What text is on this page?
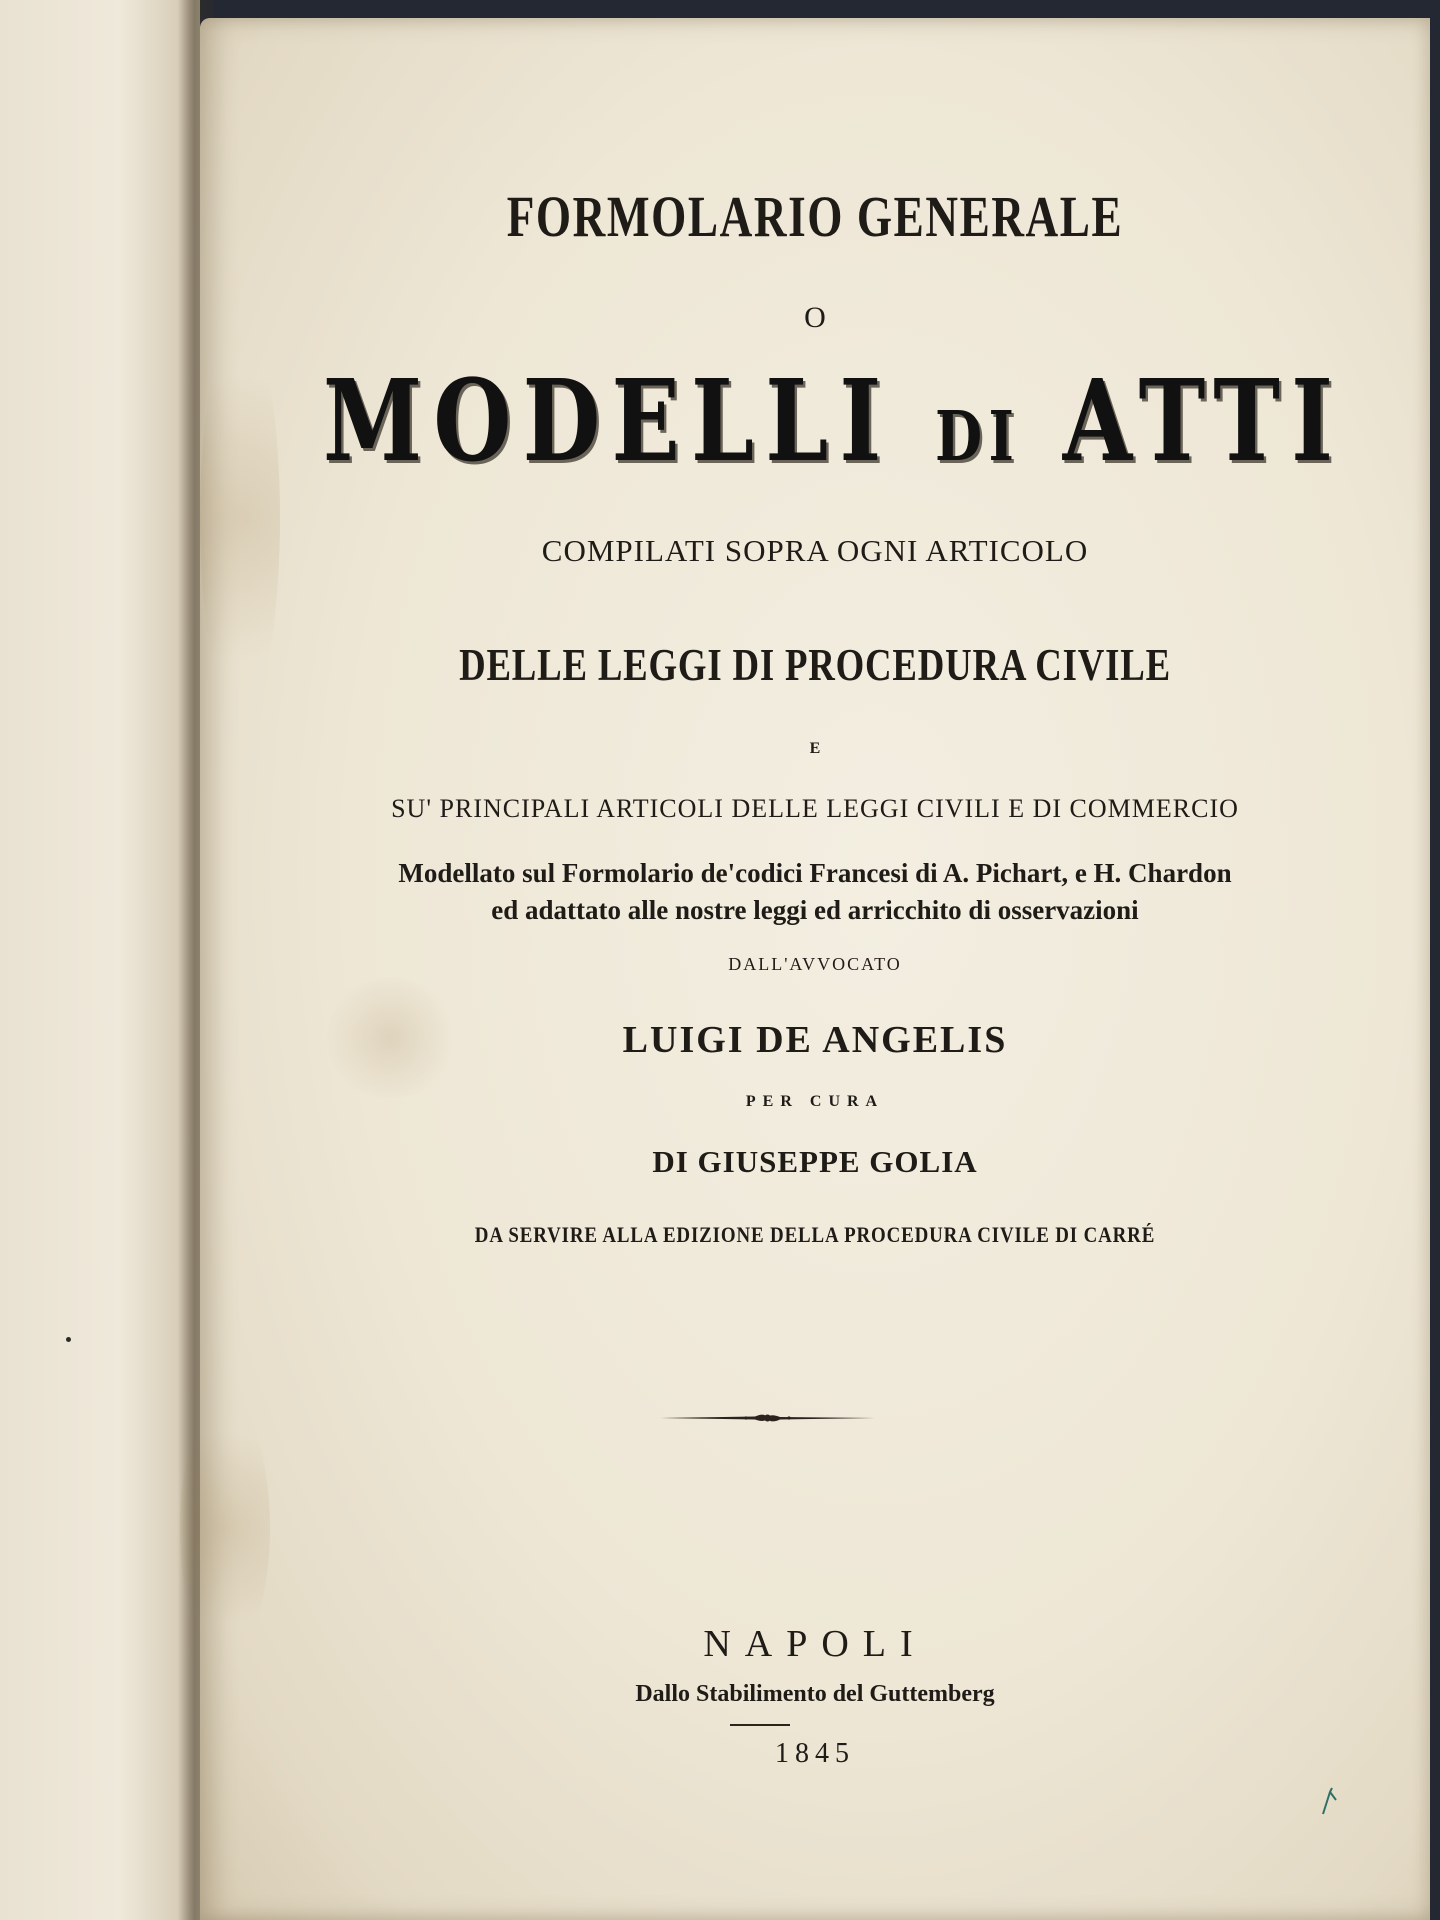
FORMOLARIO GENERALE
O
MODELLI DI ATTI
COMPILATI SOPRA OGNI ARTICOLO
DELLE LEGGI DI PROCEDURA CIVILE
E
SU' PRINCIPALI ARTICOLI DELLE LEGGI CIVILI E DI COMMERCIO
Modellato sul Formolario de'codici Francesi di A. Pichart, e H. Chardon
ed adattato alle nostre leggi ed arricchito di osservazioni
DALL'AVVOCATO
LUIGI DE ANGELIS
PER CURA
DI GIUSEPPE GOLIA
DA SERVIRE ALLA EDIZIONE DELLA PROCEDURA CIVILE DI CARRÉ
NAPOLI
Dallo Stabilimento del Guttemberg
1845
